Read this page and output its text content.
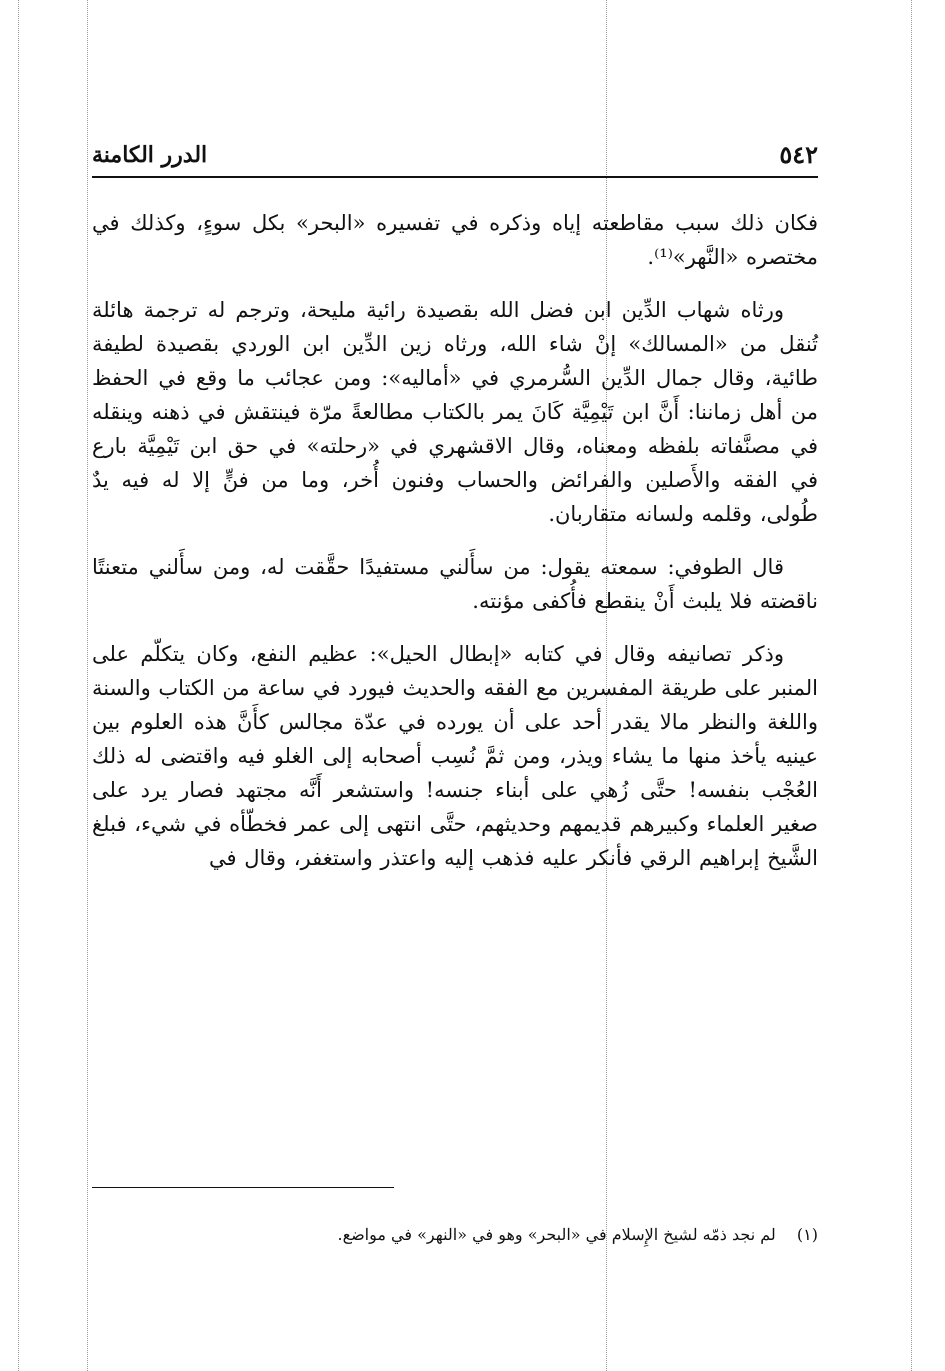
٥٤٢
الدرر الكامنة

فكان ذلك سبب مقاطعته إياه وذكره في تفسيره «البحر» بكل سوءٍ، وكذلك في مختصره «النَّهر»⁽¹⁾.

ورثاه شهاب الدِّين ابن فضل الله بقصيدة رائية مليحة، وترجم له ترجمة هائلة تُنقل من «المسالك» إنْ شاء الله، ورثاه زين الدِّين ابن الوردي بقصيدة لطيفة طائية، وقال جمال الدِّين السُّرمري في «أماليه»: ومن عجائب ما وقع في الحفظ من أهل زماننا: أَنَّ ابن تَيْمِيَّة كَانَ يمر بالكتاب مطالعةً مرّة فينتقش في ذهنه وينقله في مصنَّفاته بلفظه ومعناه، وقال الاقشهري في «رحلته» في حق ابن تَيْمِيَّة بارع في الفقه والأَصلين والفرائض والحساب وفنون أُخر، وما من فنٍّ إلا له فيه يدٌ طُولى، وقلمه ولسانه متقاربان.

قال الطوفي: سمعته يقول: من سأَلني مستفيدًا حقَّقت له، ومن سأَلني متعنتًا ناقضته فلا يلبث أَنْ ينقطع فأُكفى مؤنته.

وذكر تصانيفه وقال في كتابه «إبطال الحيل»: عظيم النفع، وكان يتكلّم على المنبر على طريقة المفسرين مع الفقه والحديث فيورد في ساعة من الكتاب والسنة واللغة والنظر مالا يقدر أحد على أن يورده في عدّة مجالس كأَنَّ هذه العلوم بين عينيه يأخذ منها ما يشاء ويذر، ومن ثمَّ نُسِب أصحابه إلى الغلو فيه واقتضى له ذلك العُجْب بنفسه! حتَّى زُهي على أبناء جنسه! واستشعر أَنَّه مجتهد فصار يرد على صغير العلماء وكبيرهم قديمهم وحديثهم، حتَّى انتهى إلى عمر فخطّأه في شيء، فبلغ الشَّيخ إبراهيم الرقي فأنكر عليه فذهب إليه واعتذر واستغفر، وقال في

(١) لم نجد ذمّه لشيخ الإِسلام في «البحر» وهو في «النهر» في مواضع.
